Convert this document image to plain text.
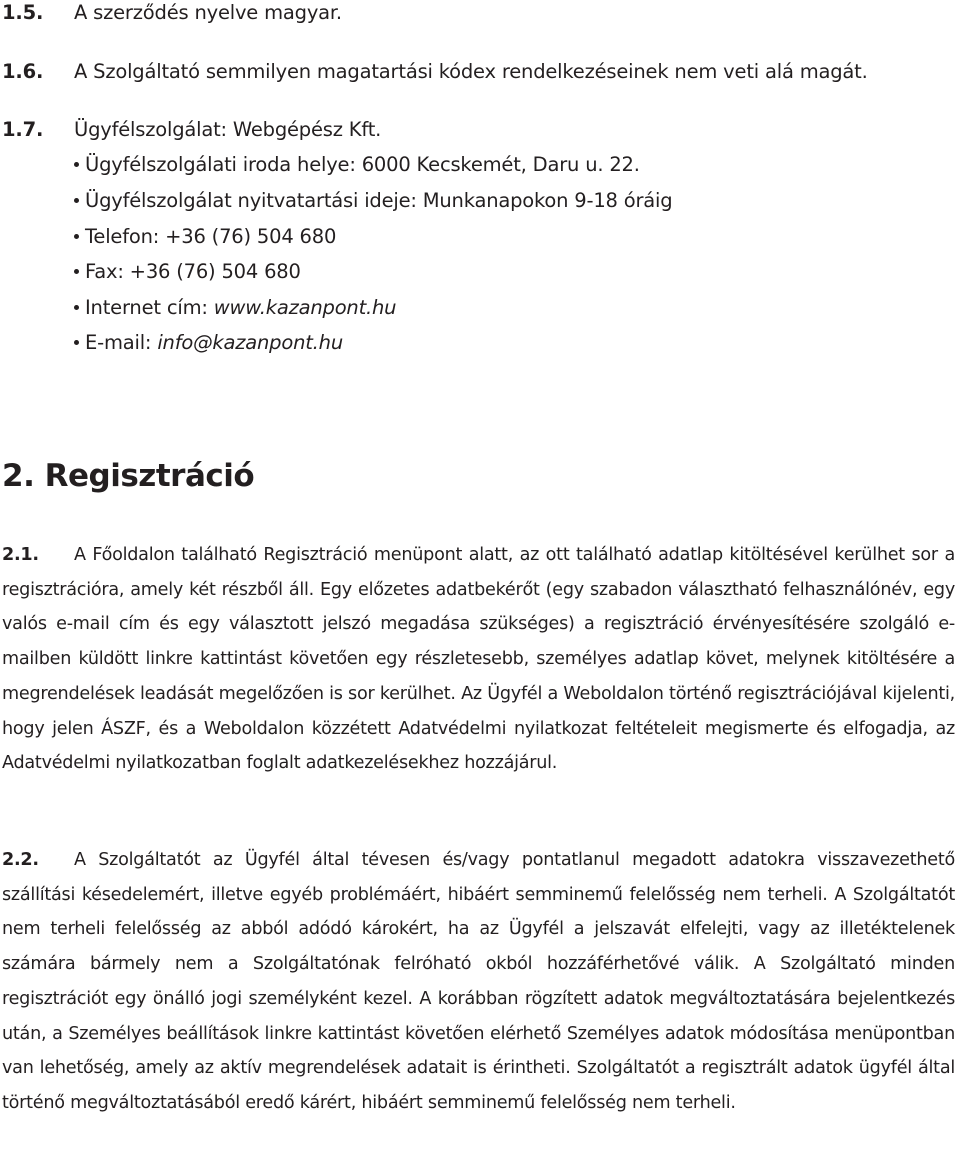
1.5. A szerződés nyelve magyar.
1.6. A Szolgáltató semmilyen magatartási kódex rendelkezéseinek nem veti alá magát.
1.7. Ügyfélszolgálat: Webgépész Kft.
Ügyfélszolgálati iroda helye: 6000 Kecskemét, Daru u. 22.
Ügyfélszolgálat nyitvatartási ideje: Munkanapokon 9-18 óráig
Telefon: +36 (76) 504 680
Fax: +36 (76) 504 680
Internet cím: www.kazanpont.hu
E-mail: info@kazanpont.hu
2. Regisztráció
2.1. A Főoldalon található Regisztráció menüpont alatt, az ott található adatlap kitöltésével kerülhet sor a regisztrációra, amely két részből áll. Egy előzetes adatbekérőt (egy szabadon választható felhasználónév, egy valós e-mail cím és egy választott jelszó megadása szükséges) a regisztráció érvényesítésére szolgáló e-mailben küldött linkre kattintást követően egy részletesebb, személyes adatlap követ, melynek kitöltésére a megrendelések leadását megelőzően is sor kerülhet. Az Ügyfél a Weboldalon történő regisztrációjával kijelenti, hogy jelen ÁSZF, és a Weboldalon közzétett Adatvédelmi nyilatkozat feltételeit megismerte és elfogadja, az Adatvédelmi nyilatkozatban foglalt adatkezelésekhez hozzájárul.
2.2. A Szolgáltatót az Ügyfél által tévesen és/vagy pontatlanul megadott adatokra visszavezethető szállítási késedelemért, illetve egyéb problémáért, hibáért semminemű felelősség nem terheli. A Szolgáltatót nem terheli felelősség az abból adódó károkért, ha az Ügyfél a jelszavát elfelejti, vagy az illetéktelenek számára bármely nem a Szolgáltatónak felróható okból hozzáférhetővé válik. A Szolgáltató minden regisztrációt egy önálló jogi személyként kezel. A korábban rögzített adatok megváltoztatására bejelentkezés után, a Személyes beállítások linkre kattintást követően elérhető Személyes adatok módosítása menüpontban van lehetőség, amely az aktív megrendelések adatait is érintheti. Szolgáltatót a regisztrált adatok ügyfél által történő megváltoztatásából eredő kárért, hibáért semminemű felelősség nem terheli.
